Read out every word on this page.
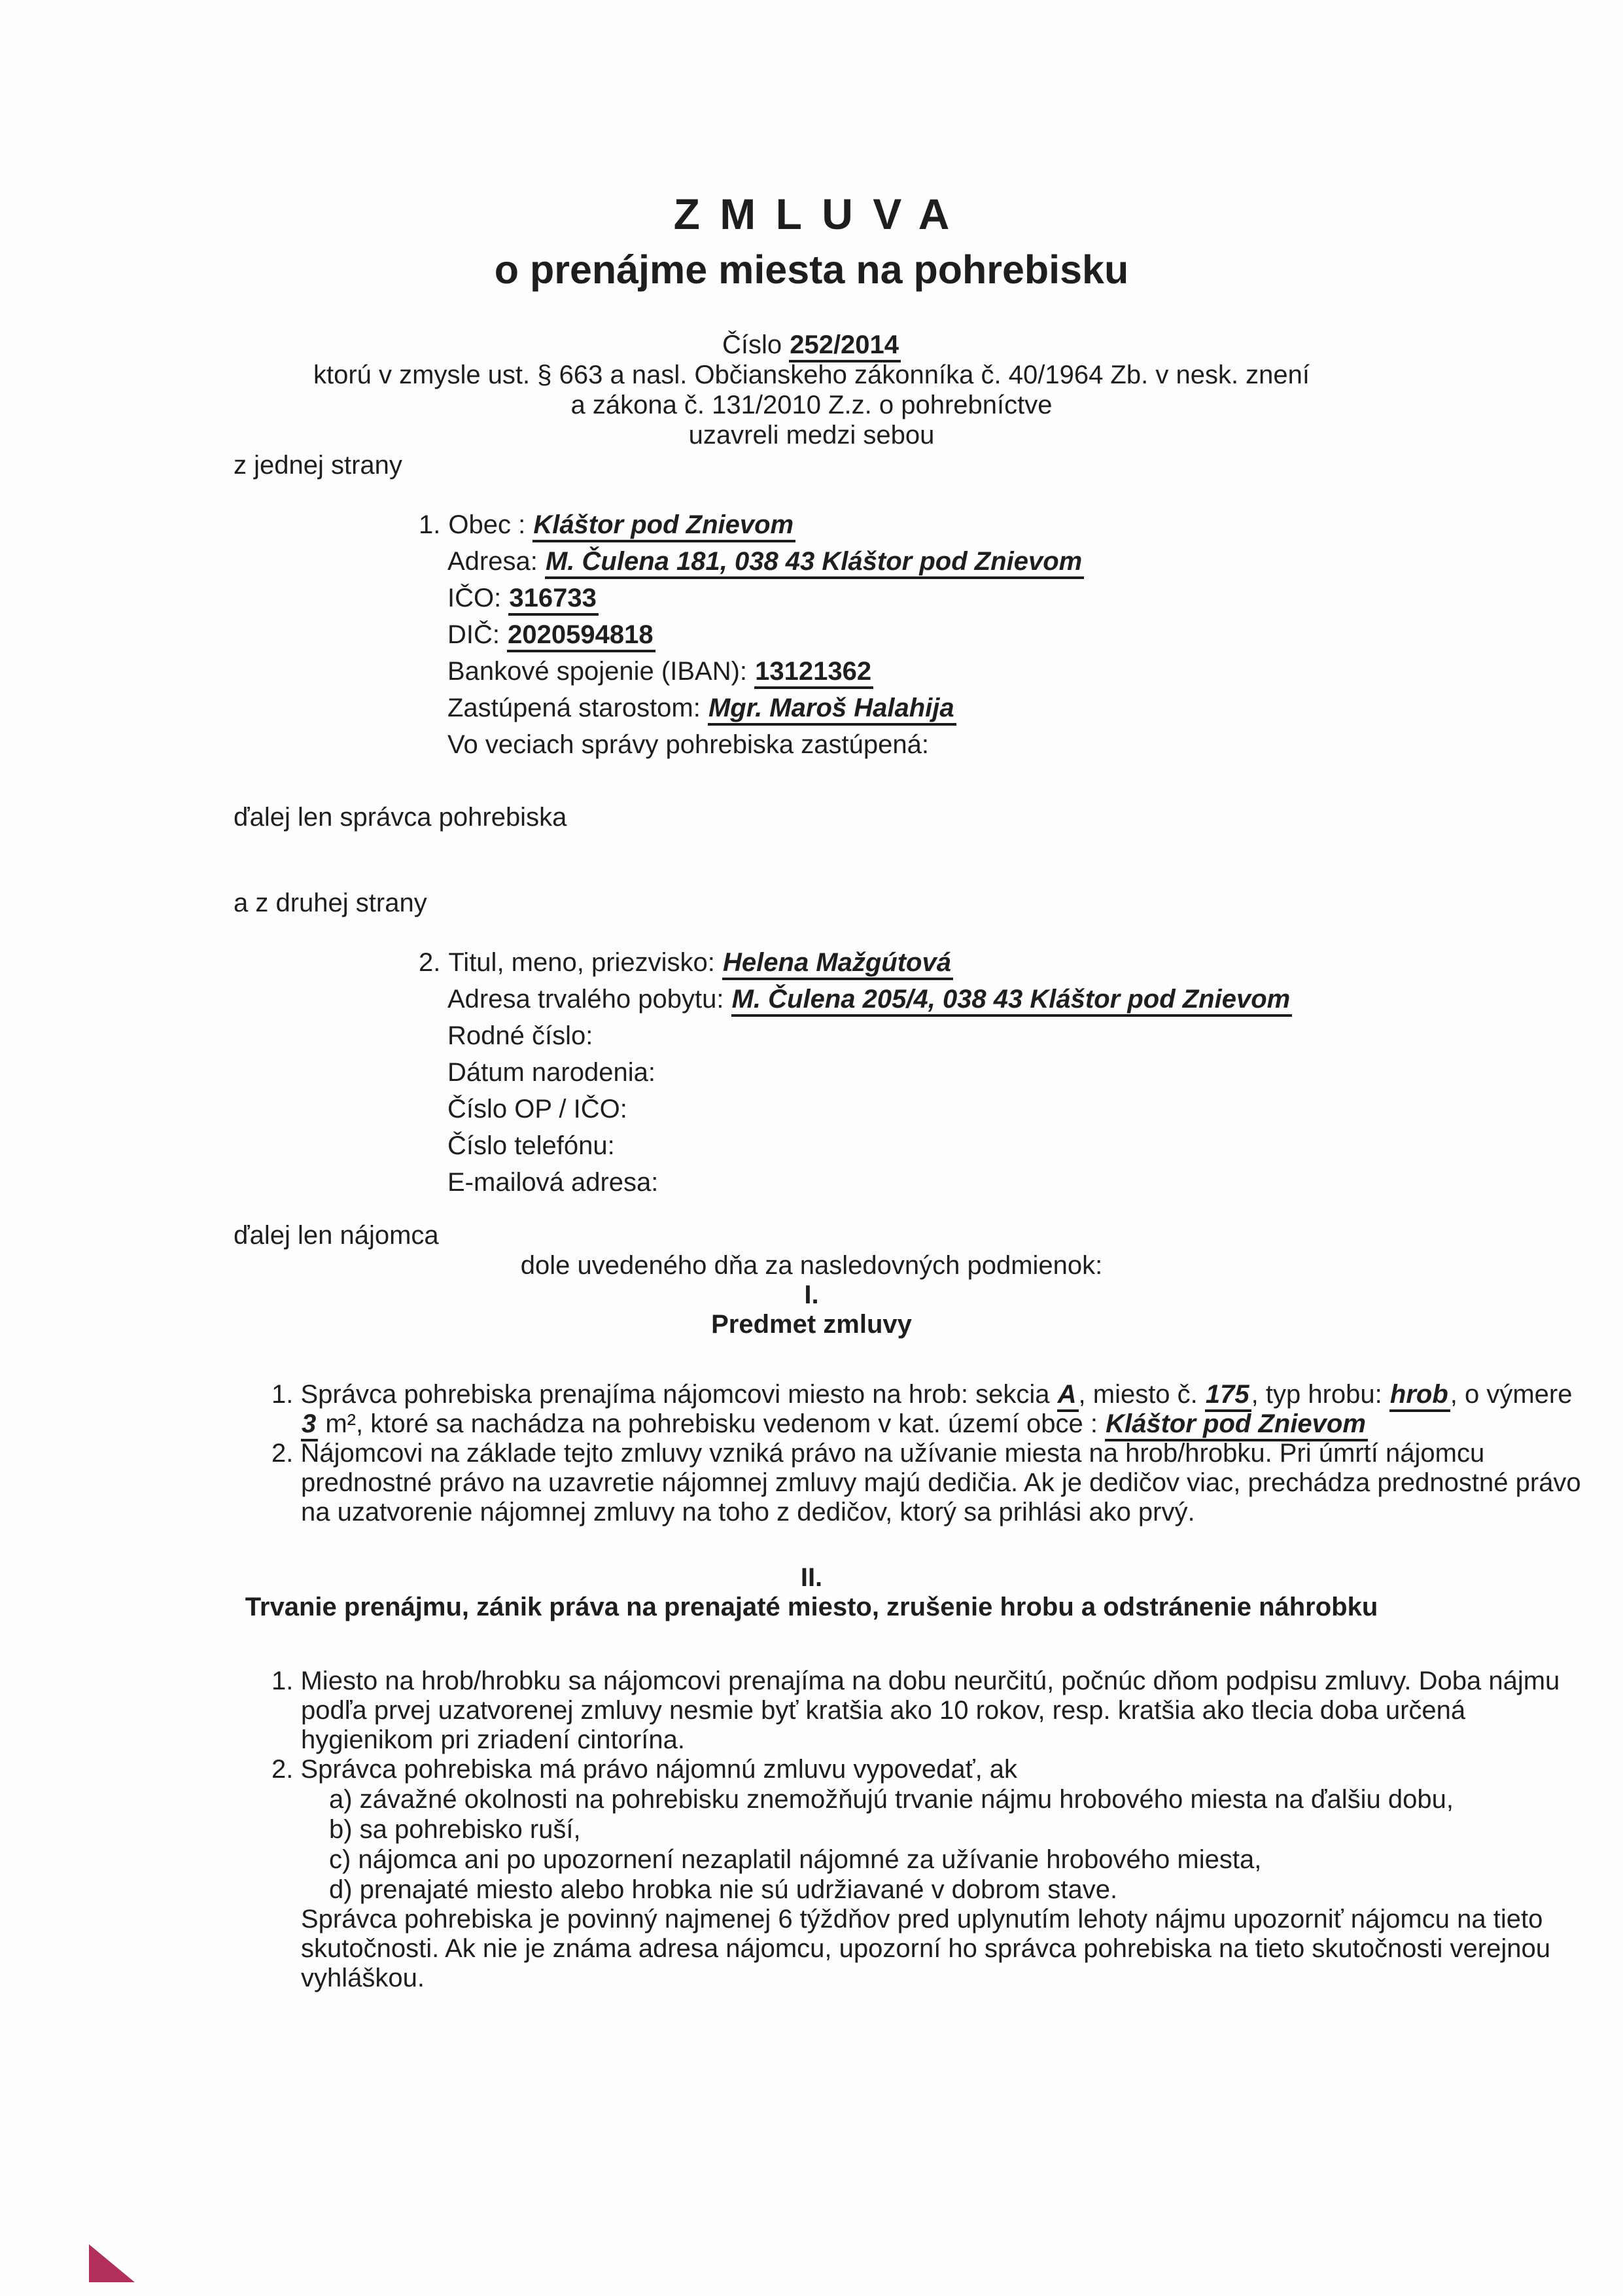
ZMLUVA
o prenájme miesta na pohrebisku
Číslo 252/2014
ktorú v zmysle ust. § 663 a nasl. Občianskeho zákonníka č. 40/1964 Zb. v nesk. znení
a zákona č. 131/2010 Z.z. o pohrebníctve
uzavreli medzi sebou
z jednej strany
1. Obec : Kláštor pod Znievom
Adresa: M. Čulena 181, 038 43 Kláštor pod Znievom
IČO: 316733
DIČ: 2020594818
Bankové spojenie (IBAN): 13121362
Zastúpená starostom: Mgr. Maroš Halahija
Vo veciach správy pohrebiska zastúpená:
ďalej len správca pohrebiska
a z druhej strany
2. Titul, meno, priezvisko: Helena Mažgútová
Adresa trvalého pobytu: M. Čulena 205/4, 038 43 Kláštor pod Znievom
Rodné číslo:
Dátum narodenia:
Číslo OP / IČO:
Číslo telefónu:
E-mailová adresa:
ďalej len nájomca
dole uvedeného dňa za nasledovných podmienok:
I.
Predmet zmluvy
1. Správca pohrebiska prenajíma nájomcovi miesto na hrob: sekcia A, miesto č. 175, typ hrobu: hrob, o výmere 3 m², ktoré sa nachádza na pohrebisku vedenom v kat. území obce : Kláštor pod Znievom
2. Nájomcovi na základe tejto zmluvy vzniká právo na užívanie miesta na hrob/hrobku. Pri úmrtí nájomcu prednostné právo na uzavretie nájomnej zmluvy majú dedičia. Ak je dedičov viac, prechádza prednostné právo na uzatvorenie nájomnej zmluvy na toho z dedičov, ktorý sa prihlási ako prvý.
II.
Trvanie prenájmu, zánik práva na prenajaté miesto, zrušenie hrobu a odstránenie náhrobku
1. Miesto na hrob/hrobku sa nájomcovi prenajíma na dobu neurčitú, počnúc dňom podpisu zmluvy. Doba nájmu podľa prvej uzatvorenej zmluvy nesmie byť kratšia ako 10 rokov, resp. kratšia ako tlecia doba určená hygienikom pri zriadení cintorína.
2. Správca pohrebiska má právo nájomnú zmluvu vypovedať, ak
a) závažné okolnosti na pohrebisku znemožňujú trvanie nájmu hrobového miesta na ďalšiu dobu,
b) sa pohrebisko ruší,
c) nájomca ani po upozornení nezaplatil nájomné za užívanie hrobového miesta,
d) prenajaté miesto alebo hrobka nie sú udržiavané v dobrom stave.
Správca pohrebiska je povinný najmenej 6 týždňov pred uplynutím lehoty nájmu upozorniť nájomcu na tieto skutočnosti. Ak nie je známa adresa nájomcu, upozorní ho správca pohrebiska na tieto skutočnosti verejnou vyhláškou.
